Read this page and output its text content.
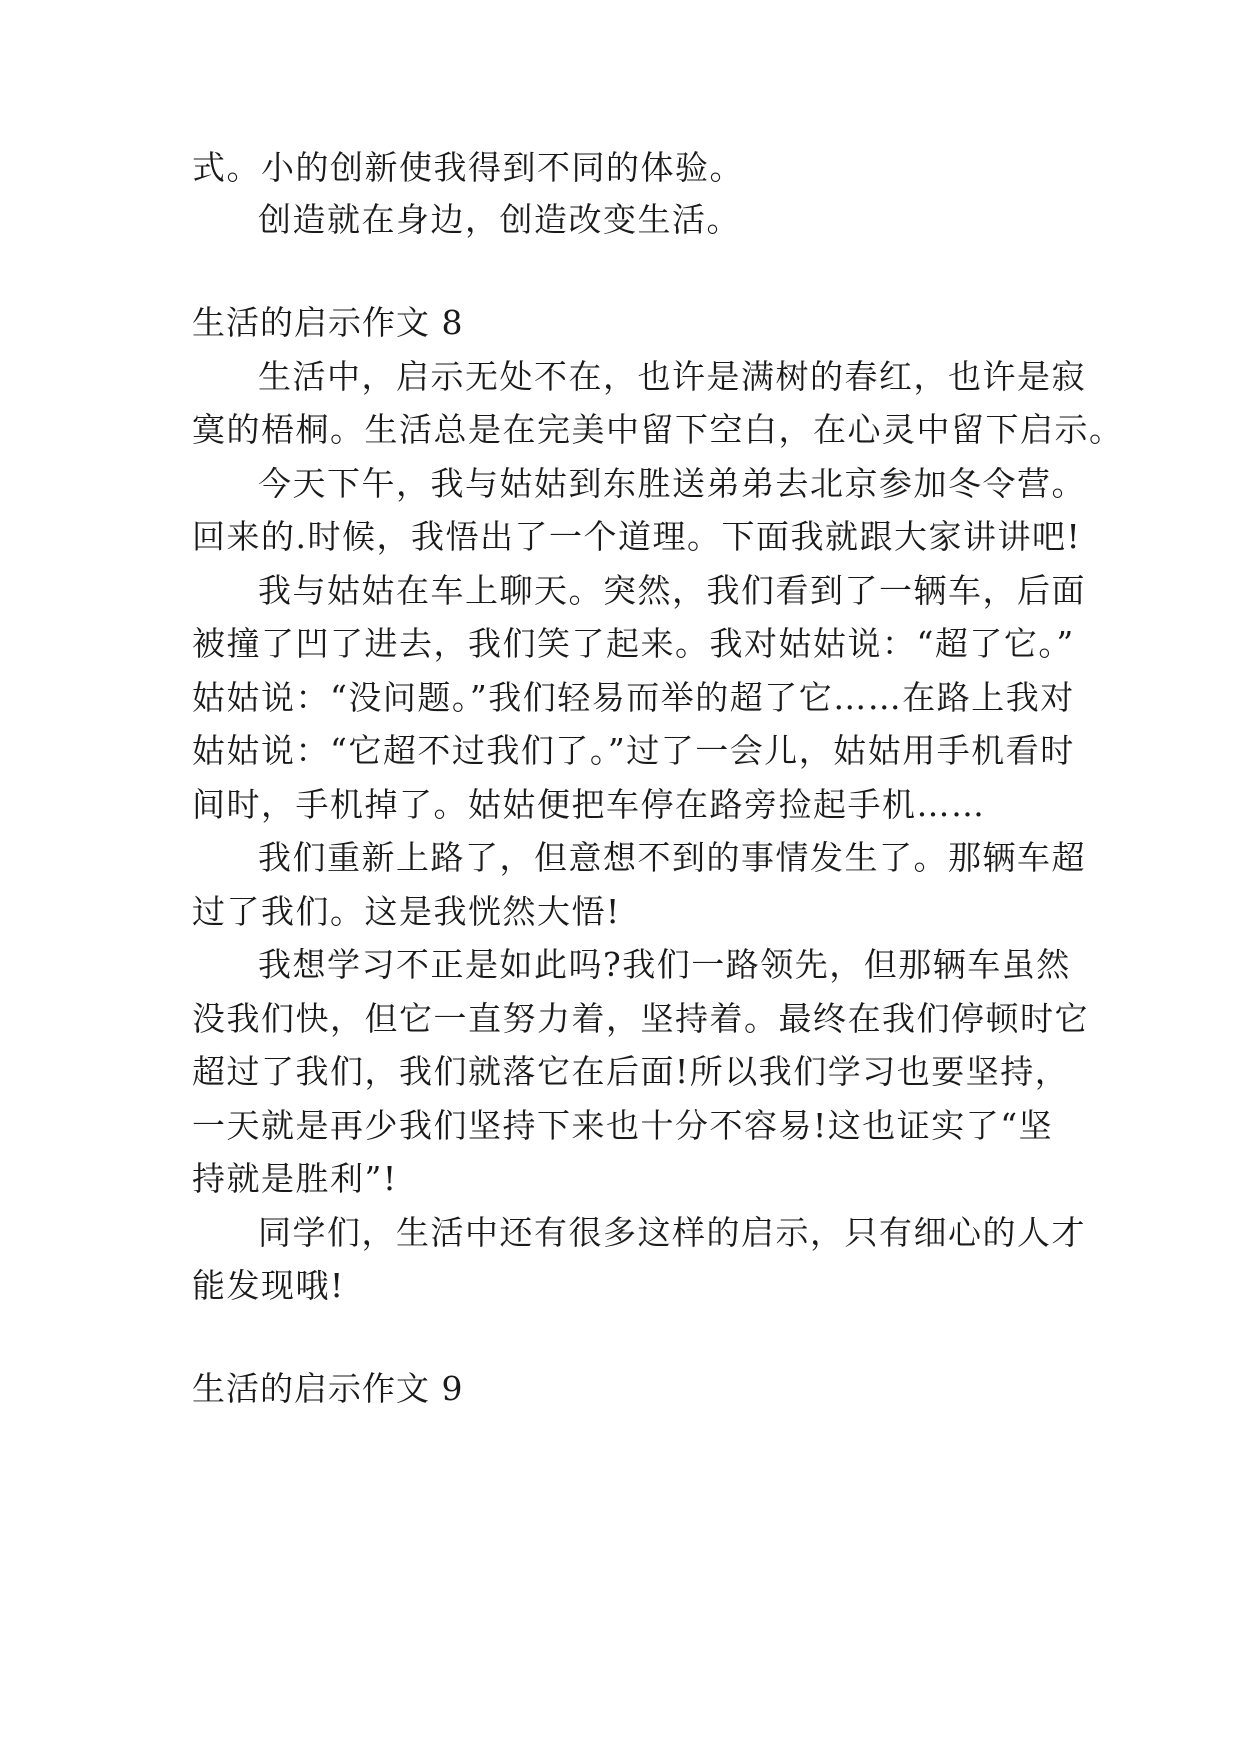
式。小的创新使我得到不同的体验。
创造就在身边，创造改变生活。
生活的启示作文 8
生活中，启示无处不在，也许是满树的春红，也许是寂
寞的梧桐。生活总是在完美中留下空白，在心灵中留下启示。
今天下午，我与姑姑到东胜送弟弟去北京参加冬令营。
回来的.时候，我悟出了一个道理。下面我就跟大家讲讲吧!
我与姑姑在车上聊天。突然，我们看到了一辆车，后面
被撞了凹了进去，我们笑了起来。我对姑姑说：“超了它。”
姑姑说：“没问题。”我们轻易而举的超了它……在路上我对
姑姑说：“它超不过我们了。”过了一会儿，姑姑用手机看时
间时，手机掉了。姑姑便把车停在路旁捡起手机……
我们重新上路了，但意想不到的事情发生了。那辆车超
过了我们。这是我恍然大悟!
我想学习不正是如此吗?我们一路领先，但那辆车虽然
没我们快，但它一直努力着，坚持着。最终在我们停顿时它
超过了我们，我们就落它在后面!所以我们学习也要坚持，
一天就是再少我们坚持下来也十分不容易!这也证实了“坚
持就是胜利”!
同学们，生活中还有很多这样的启示，只有细心的人才
能发现哦!
生活的启示作文 9
